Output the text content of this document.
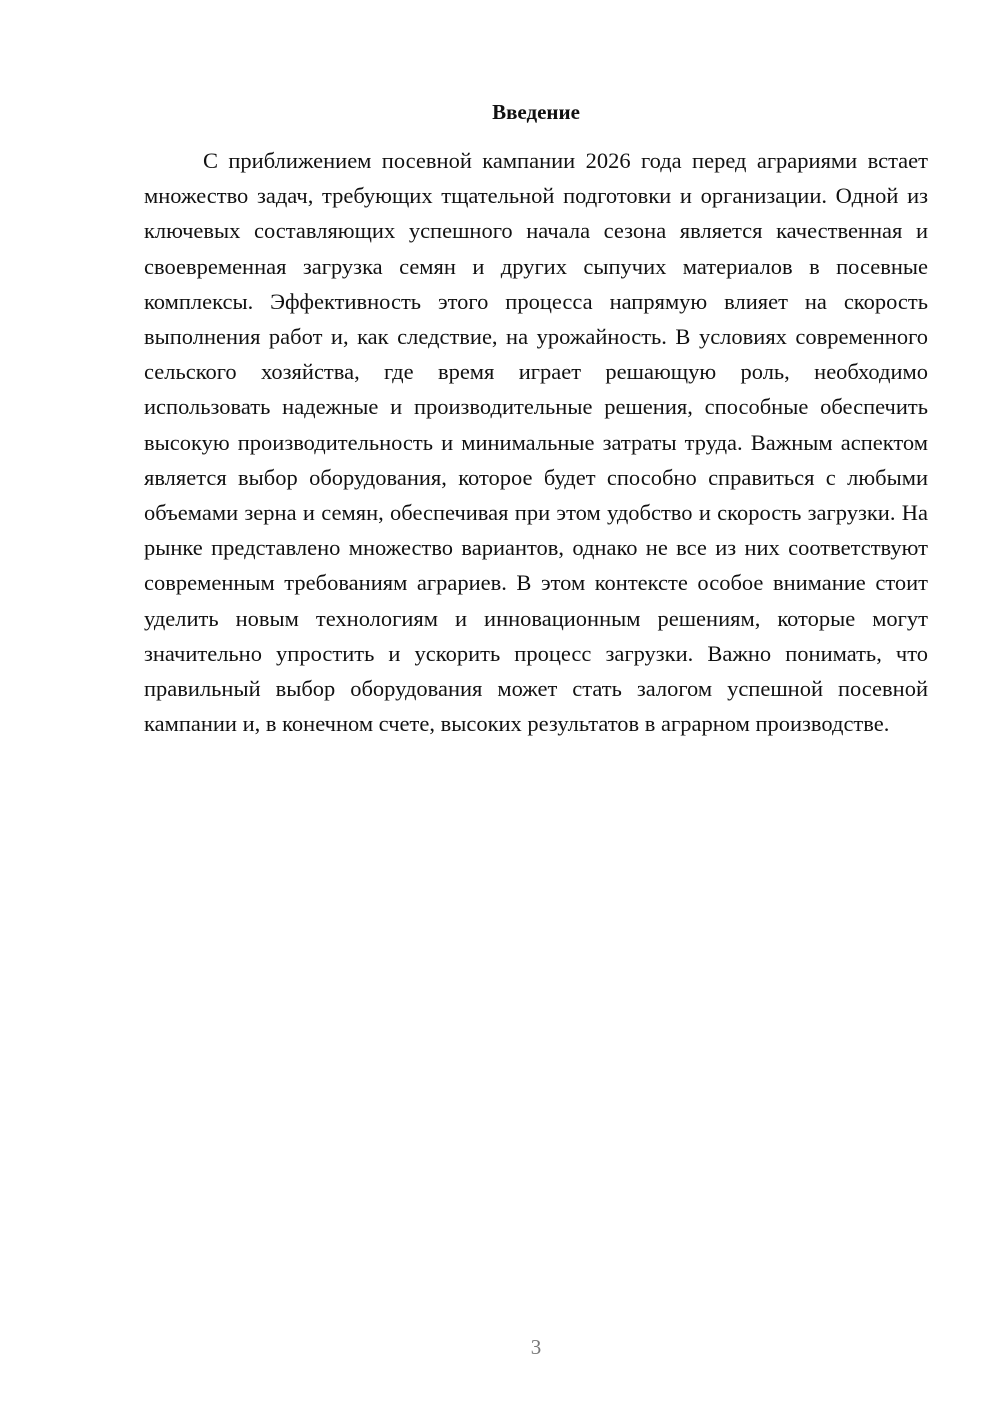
Введение

С приближением посевной кампании 2026 года перед аграриями встает множество задач, требующих тщательной подготовки и организации. Одной из ключевых составляющих успешного начала сезона является качественная и своевременная загрузка семян и других сыпучих материалов в посевные комплексы. Эффективность этого процесса напрямую влияет на скорость выполнения работ и, как следствие, на урожайность. В условиях современного сельского хозяйства, где время играет решающую роль, необходимо использовать надежные и производительные решения, способные обеспечить высокую производительность и минимальные затраты труда. Важным аспектом является выбор оборудования, которое будет способно справиться с любыми объемами зерна и семян, обеспечивая при этом удобство и скорость загрузки. На рынке представлено множество вариантов, однако не все из них соответствуют современным требованиям аграриев. В этом контексте особое внимание стоит уделить новым технологиям и инновационным решениям, которые могут значительно упростить и ускорить процесс загрузки. Важно понимать, что правильный выбор оборудования может стать залогом успешной посевной кампании и, в конечном счете, высоких результатов в аграрном производстве.

3
